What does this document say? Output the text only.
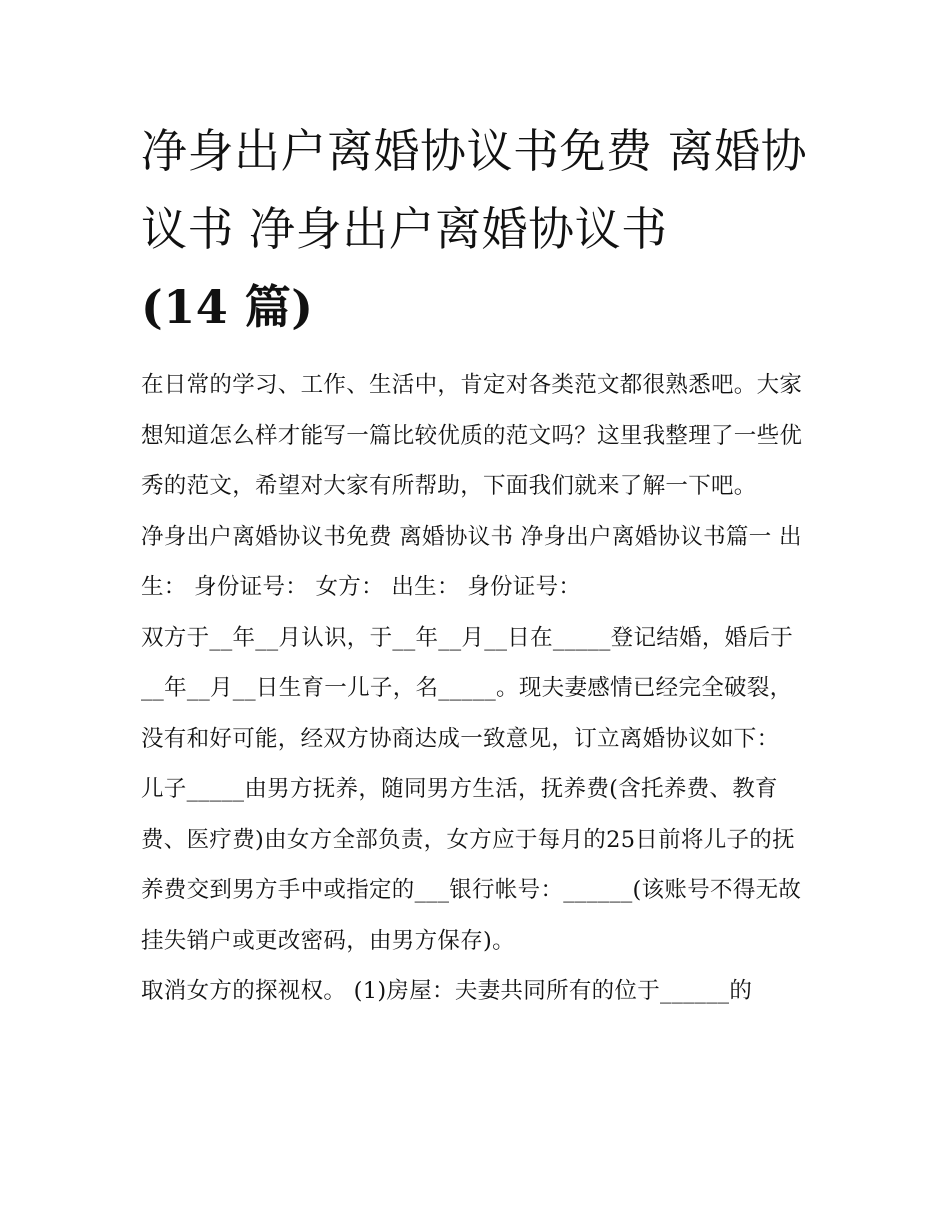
净身出户离婚协议书免费 离婚协议书 净身出户离婚协议书
(14 篇)

在日常的学习、工作、生活中，肯定对各类范文都很熟悉吧。大家想知道怎么样才能写一篇比较优质的范文吗？这里我整理了一些优秀的范文，希望对大家有所帮助，下面我们就来了解一下吧。

净身出户离婚协议书免费 离婚协议书 净身出户离婚协议书篇一 出生： 身份证号： 女方： 出生： 身份证号：

双方于__年__月认识，于__年__月__日在_____登记结婚，婚后于__年__月__日生育一儿子，名_____。现夫妻感情已经完全破裂，没有和好可能，经双方协商达成一致意见，订立离婚协议如下：

儿子_____由男方抚养，随同男方生活，抚养费(含托养费、教育费、医疗费)由女方全部负责，女方应于每月的25日前将儿子的抚养费交到男方手中或指定的___银行帐号：______(该账号不得无故挂失销户或更改密码，由男方保存)。

取消女方的探视权。 (1)房屋：夫妻共同所有的位于______的
